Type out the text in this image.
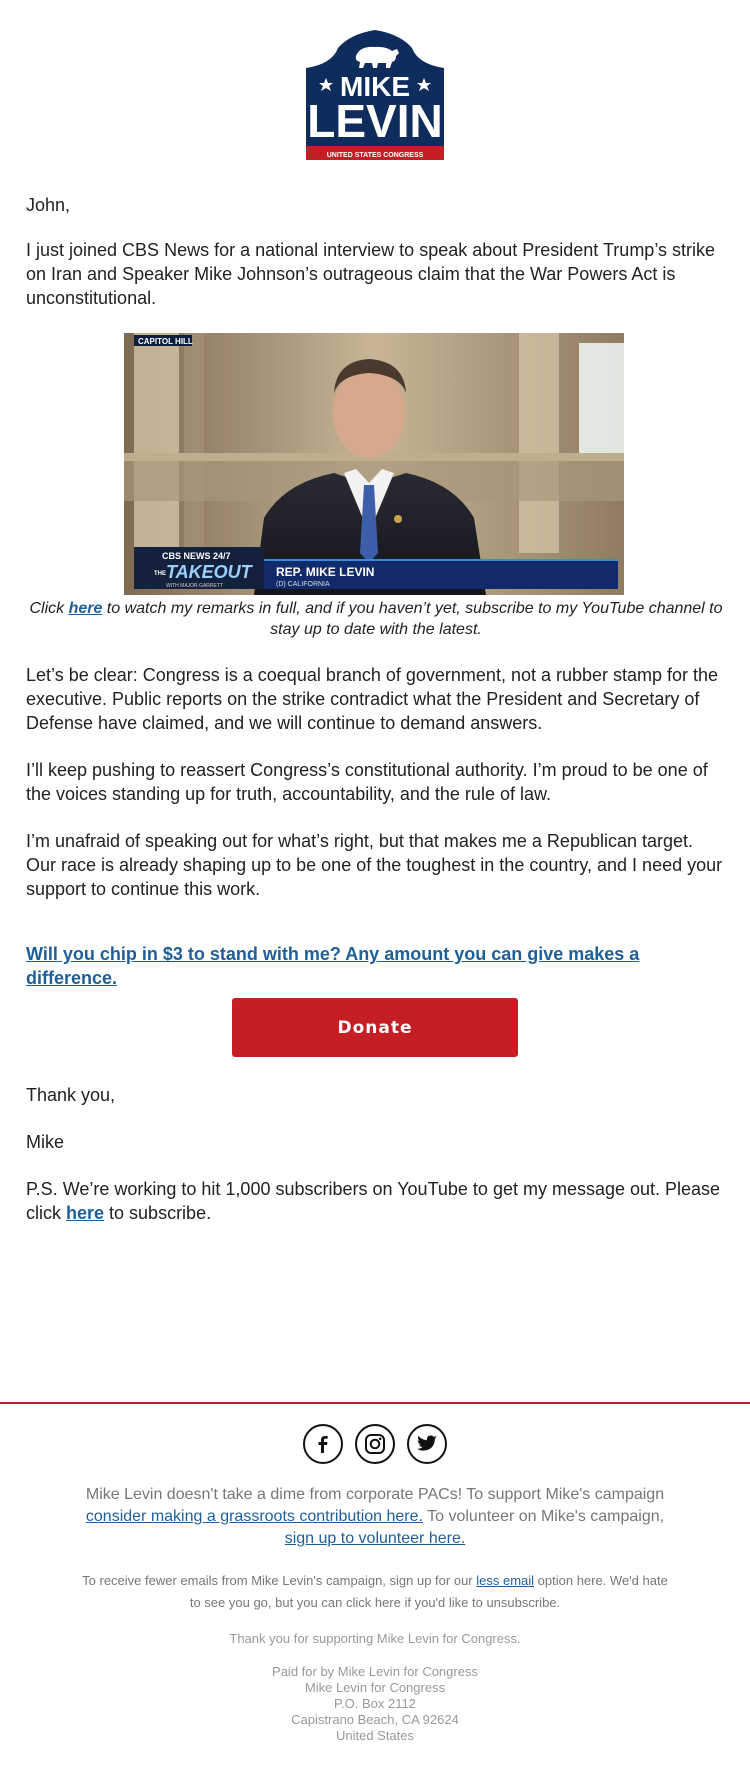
MIKE
LEVIN
UNITED STATES CONGRESS

John,

I just joined CBS News for a national interview to speak about President Trump’s strike on Iran and Speaker Mike Johnson’s outrageous claim that the War Powers Act is unconstitutional.

CAPITOL HILL
CBS NEWS 24/7
THE TAKEOUT
WITH MAJOR GARRETT
REP. MIKE LEVIN
(D) CALIFORNIA
Click here to watch my remarks in full, and if you haven’t yet, subscribe to my YouTube channel to stay up to date with the latest.

Let’s be clear: Congress is a coequal branch of government, not a rubber stamp for the executive. Public reports on the strike contradict what the President and Secretary of Defense have claimed, and we will continue to demand answers.

I’ll keep pushing to reassert Congress’s constitutional authority. I’m proud to be one of the voices standing up for truth, accountability, and the rule of law.

I’m unafraid of speaking out for what’s right, but that makes me a Republican target. Our race is already shaping up to be one of the toughest in the country, and I need your support to continue this work.

Will you chip in $3 to stand with me? Any amount you can give makes a difference.

Donate

Thank you,

Mike

P.S. We’re working to hit 1,000 subscribers on YouTube to get my message out. Please click here to subscribe.

Mike Levin doesn't take a dime from corporate PACs! To support Mike's campaign consider making a grassroots contribution here. To volunteer on Mike's campaign, sign up to volunteer here.
To receive fewer emails from Mike Levin's campaign, sign up for our less email option here. We'd hate to see you go, but you can click here if you'd like to unsubscribe.
Thank you for supporting Mike Levin for Congress.
Paid for by Mike Levin for Congress
Mike Levin for Congress
P.O. Box 2112
Capistrano Beach, CA 92624
United States
